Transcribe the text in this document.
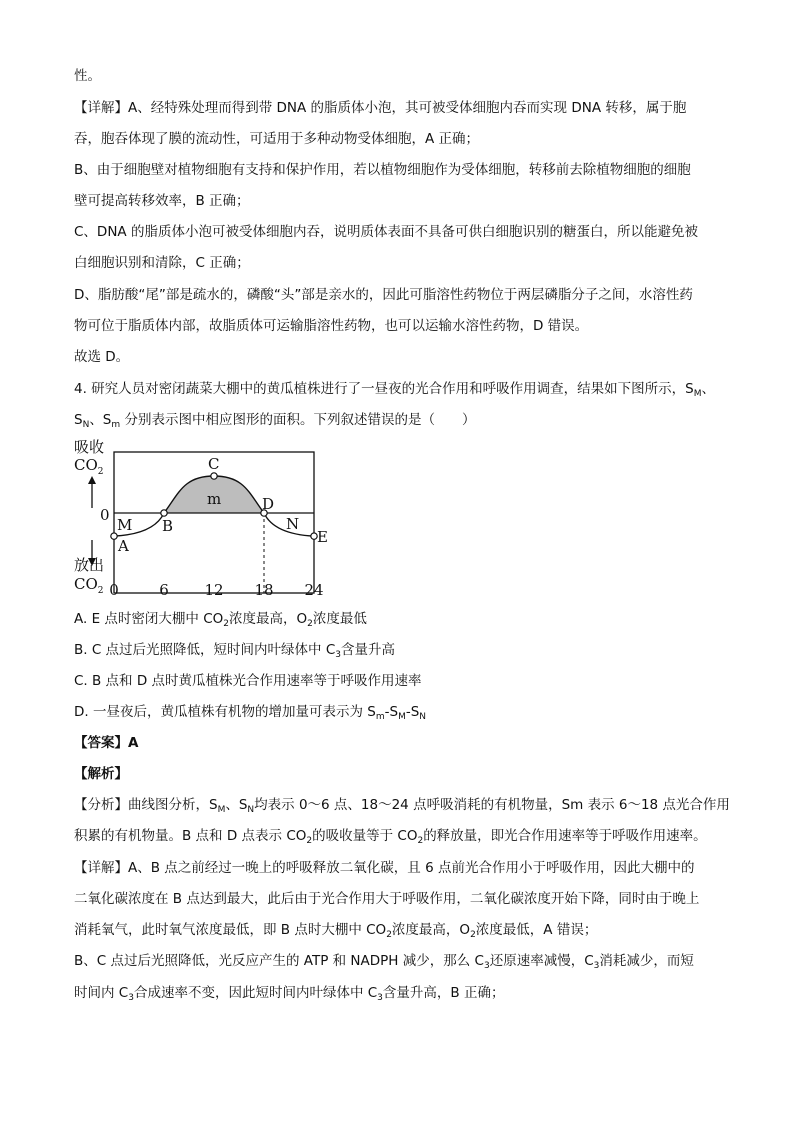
性。
【详解】A、经特殊处理而得到带 DNA 的脂质体小泡，其可被受体细胞内吞而实现 DNA 转移，属于胞
吞，胞吞体现了膜的流动性，可适用于多种动物受体细胞，A 正确；
B、由于细胞壁对植物细胞有支持和保护作用，若以植物细胞作为受体细胞，转移前去除植物细胞的细胞
壁可提高转移效率，B 正确；
C、DNA 的脂质体小泡可被受体细胞内吞，说明质体表面不具备可供白细胞识别的糖蛋白，所以能避免被
白细胞识别和清除，C 正确；
D、脂肪酸“尾”部是疏水的，磷酸“头”部是亲水的，因此可脂溶性药物位于两层磷脂分子之间，水溶性药
物可位于脂质体内部，故脂质体可运输脂溶性药物，也可以运输水溶性药物，D 错误。
故选 D。
4. 研究人员对密闭蔬菜大棚中的黄瓜植株进行了一昼夜的光合作用和呼吸作用调查，结果如下图所示，$S_M$、
$S_N$、$S_m$ 分别表示图中相应图形的面积。下列叙述错误的是（　　）
A
B
C
D
E
M
m
N
0	6 12 18 24
吸收
$CO_2$
放出
$CO_2$
0
A. E 点时密闭大棚中 $CO_2$浓度最高，$O_2$浓度最低
B. C 点过后光照降低，短时间内叶绿体中 $C_3$含量升高
C. B 点和 D 点时黄瓜植株光合作用速率等于呼吸作用速率
D. 一昼夜后，黄瓜植株有机物的增加量可表示为 $S_m-S_M-S_N$
【答案】A
【解析】
【分析】曲线图分析，$S_M$、$S_N$均表示 0～6 点、18～24 点呼吸消耗的有机物量，Sm 表示 6～18 点光合作用
积累的有机物量。B 点和 D 点表示 $CO_2$的吸收量等于 $CO_2$的释放量，即光合作用速率等于呼吸作用速率。
【详解】A、B 点之前经过一晚上的呼吸释放二氧化碳，且 6 点前光合作用小于呼吸作用，因此大棚中的
二氧化碳浓度在 B 点达到最大，此后由于光合作用大于呼吸作用，二氧化碳浓度开始下降，同时由于晚上
消耗氧气，此时氧气浓度最低，即 B 点时大棚中 $CO_2$浓度最高，$O_2$浓度最低，A 错误；
B、C 点过后光照降低，光反应产生的 ATP 和 NADPH 减少，那么 $C_3$还原速率减慢，$C_3$消耗减少，而短
时间内 $C_3$合成速率不变，因此短时间内叶绿体中 $C_3$含量升高，B 正确；
